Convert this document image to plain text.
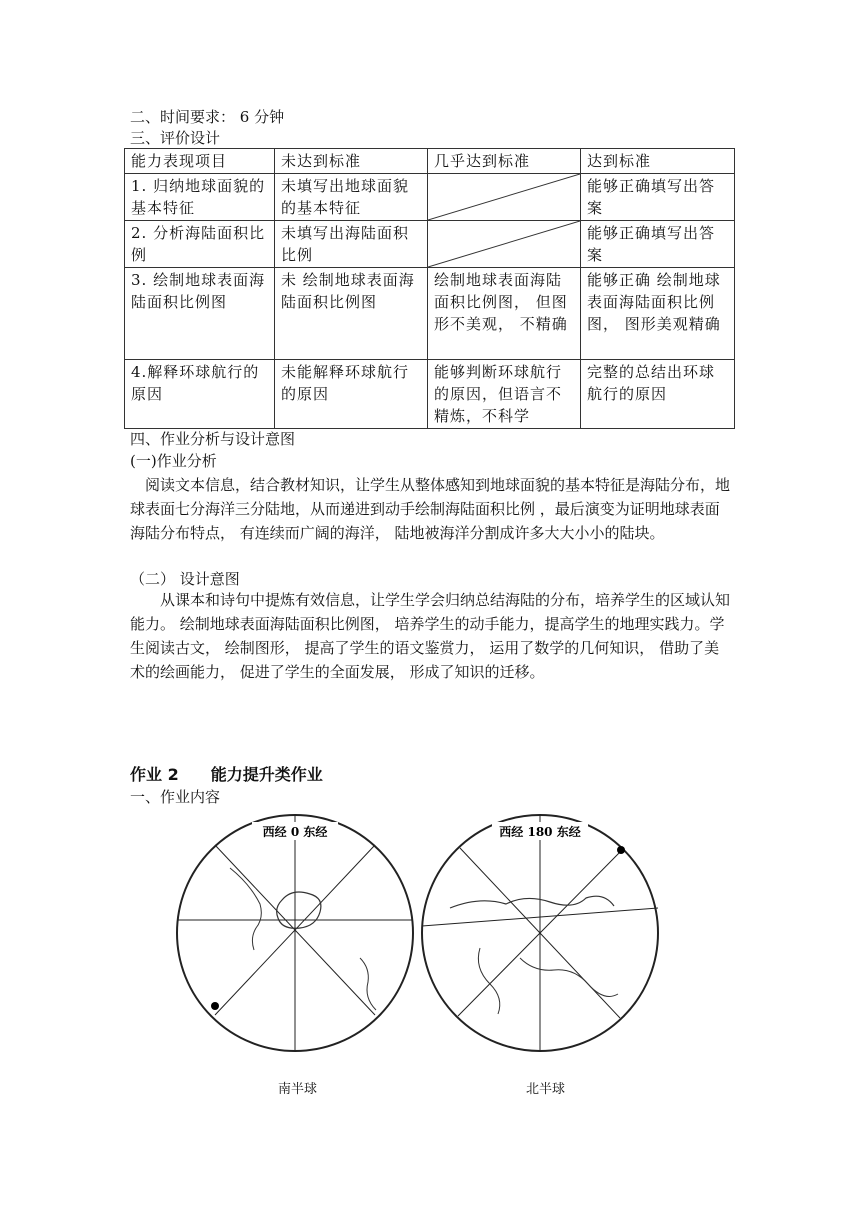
二、时间要求： 6 分钟
三、评价设计
能力表现项目	未达到标准	几乎达到标准	达到标准
1. 归纳地球面貌的基本特征	未填写出地球面貌的基本特征		能够正确填写出答案
2. 分析海陆面积比例	未填写出海陆面积比例		能够正确填写出答案
3. 绘制地球表面海陆面积比例图	未 绘制地球表面海陆面积比例图	绘制地球表面海陆面积比例图， 但图形不美观， 不精确	能够正确 绘制地球表面海陆面积比例图， 图形美观精确
4.解释环球航行的原因	未能解释环球航行的原因	能够判断环球航行的原因，但语言不精炼，不科学	完整的总结出环球航行的原因
四、作业分析与设计意图
(一)作业分析
阅读文本信息，结合教材知识，让学生从整体感知到地球面貌的基本特征是海陆分布，地球表面七分海洋三分陆地，从而递进到动手绘制海陆面积比例 ，最后演变为证明地球表面海陆分布特点， 有连续而广阔的海洋， 陆地被海洋分割成许多大大小小的陆块。
（二） 设计意图
从课本和诗句中提炼有效信息，让学生学会归纳总结海陆的分布，培养学生的区域认知能力。 绘制地球表面海陆面积比例图， 培养学生的动手能力，提高学生的地理实践力。学生阅读古文， 绘制图形， 提高了学生的语文鉴赏力， 运用了数学的几何知识， 借助了美术的绘画能力， 促进了学生的全面发展， 形成了知识的迁移。
作业 2　　能力提升类作业
一、作业内容
西经 0 东经	西经 180 东经
南半球	北半球
